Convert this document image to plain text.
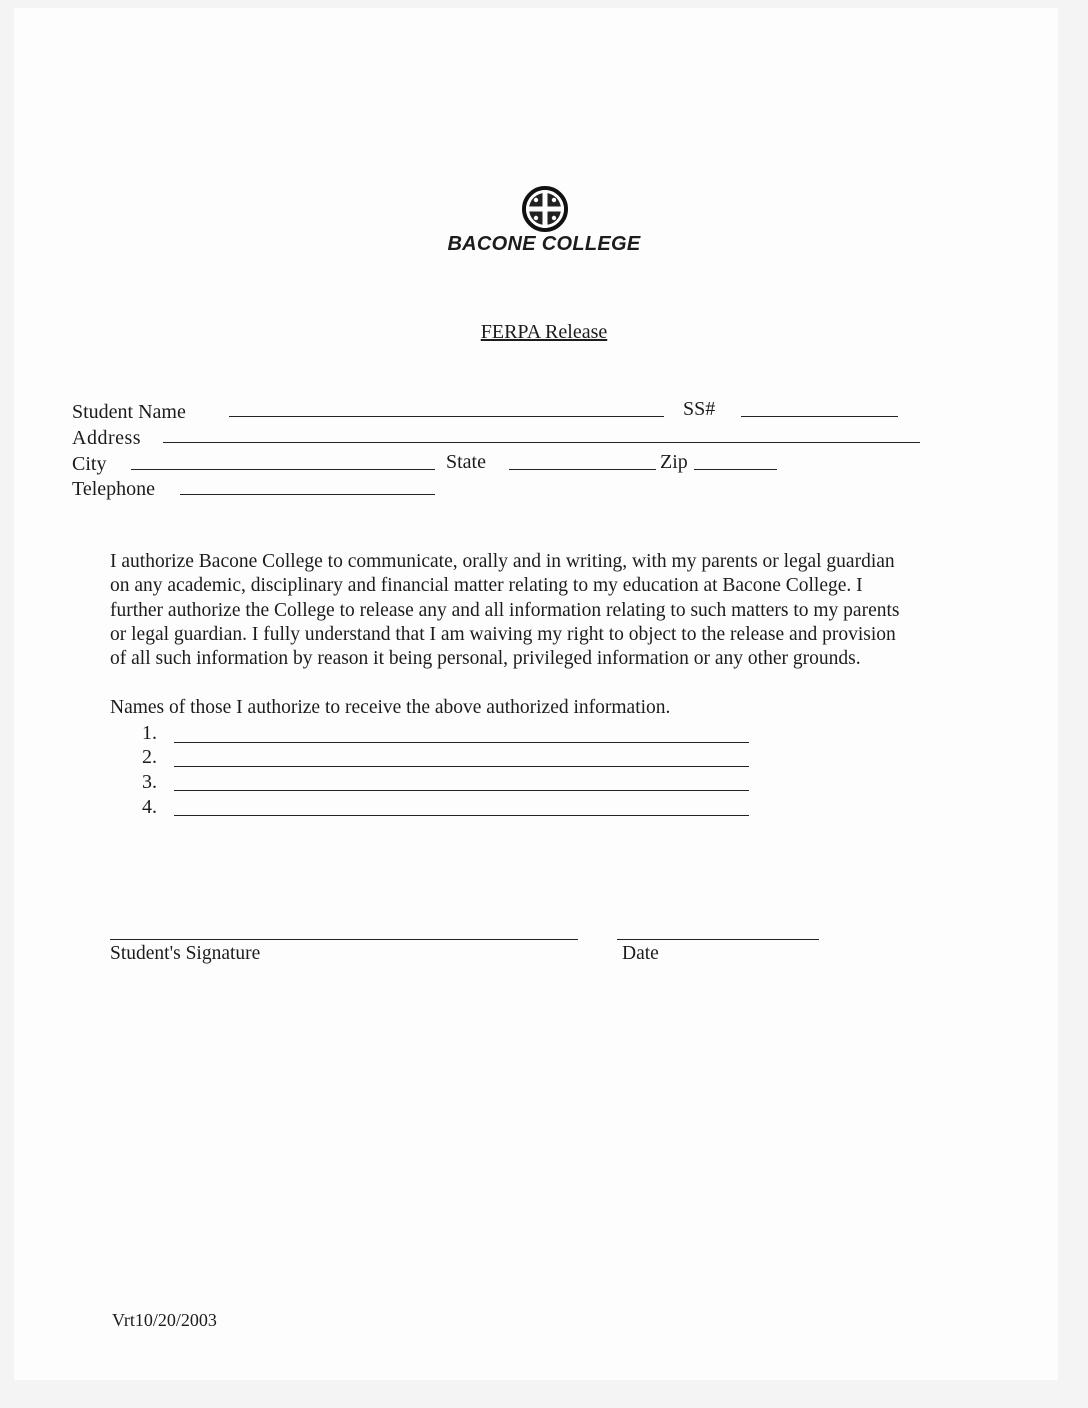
BACONE COLLEGE
FERPA Release
Student Name	SS#
Address
City	State	Zip
Telephone

I authorize Bacone College to communicate, orally and in writing, with my parents or legal guardian

on any academic, disciplinary and financial matter relating to my education at Bacone College. I

further authorize the College to release any and all information relating to such matters to my parents

or legal guardian. I fully understand that I am waiving my right to object to the release and provision

of all such information by reason it being personal, privileged information or any other grounds.

Names of those I authorize to receive the above authorized information.
1.
2.
3.
4.
Student's Signature	Date
Vrt10/20/2003
